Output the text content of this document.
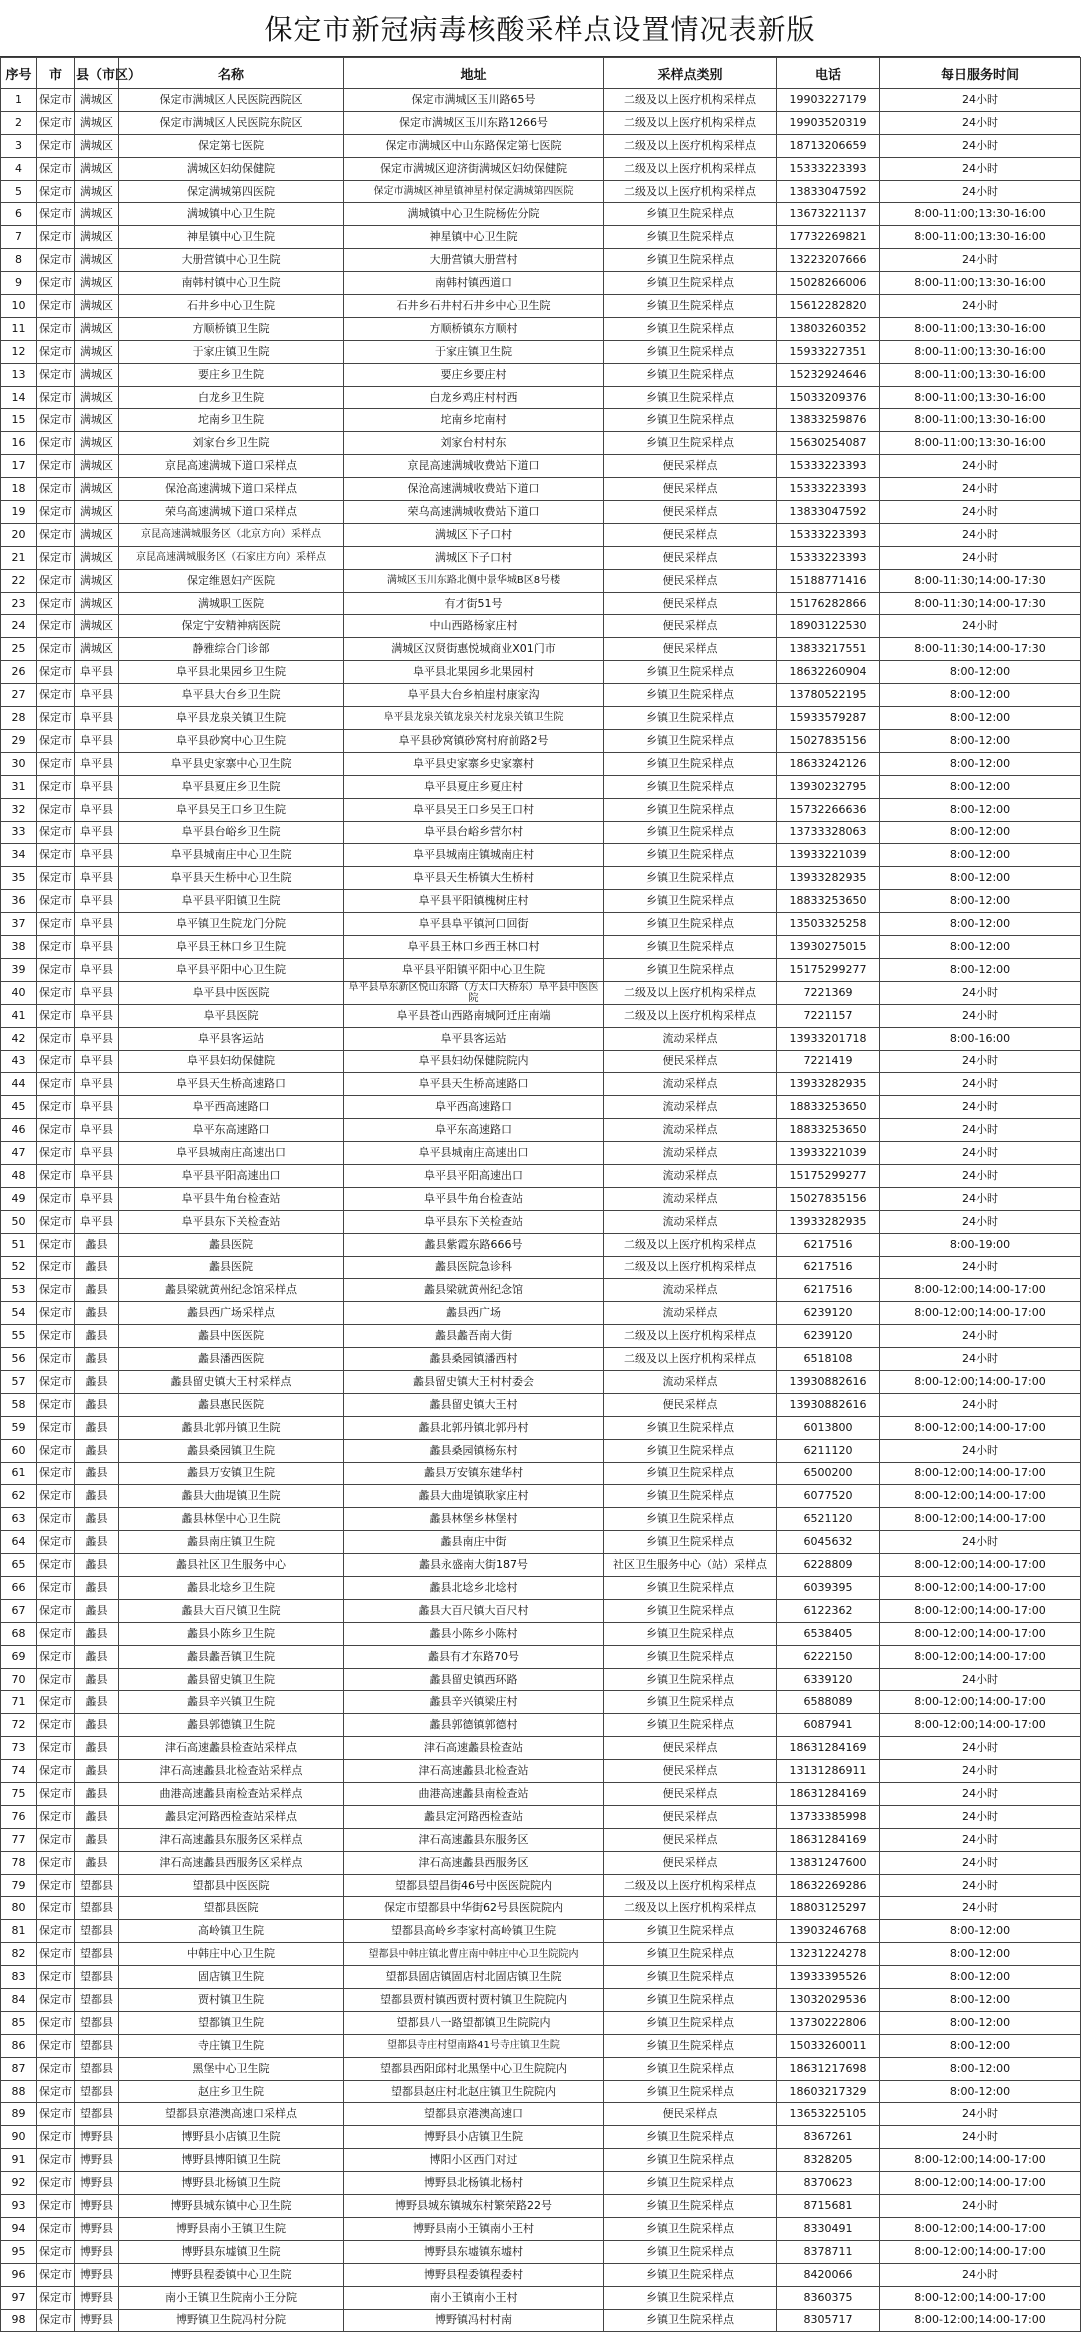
保定市新冠病毒核酸采样点设置情况表新版
序号	市	县（市区）	名称	地址	采样点类别	电话	每日服务时间
1	保定市	满城区	保定市满城区人民医院西院区	保定市满城区玉川路65号	二级及以上医疗机构采样点	19903227179	24小时
2	保定市	满城区	保定市满城区人民医院东院区	保定市满城区玉川东路1266号	二级及以上医疗机构采样点	19903520319	24小时
3	保定市	满城区	保定第七医院	保定市满城区中山东路保定第七医院	二级及以上医疗机构采样点	18713206659	24小时
4	保定市	满城区	满城区妇幼保健院	保定市满城区迎济街满城区妇幼保健院	二级及以上医疗机构采样点	15333223393	24小时
5	保定市	满城区	保定满城第四医院	保定市满城区神星镇神星村保定满城第四医院	二级及以上医疗机构采样点	13833047592	24小时
6	保定市	满城区	满城镇中心卫生院	满城镇中心卫生院杨佐分院	乡镇卫生院采样点	13673221137	8:00-11:00;13:30-16:00
7	保定市	满城区	神星镇中心卫生院	神星镇中心卫生院	乡镇卫生院采样点	17732269821	8:00-11:00;13:30-16:00
8	保定市	满城区	大册营镇中心卫生院	大册营镇大册营村	乡镇卫生院采样点	13223207666	24小时
9	保定市	满城区	南韩村镇中心卫生院	南韩村镇西道口	乡镇卫生院采样点	15028266006	8:00-11:00;13:30-16:00
10	保定市	满城区	石井乡中心卫生院	石井乡石井村石井乡中心卫生院	乡镇卫生院采样点	15612282820	24小时
11	保定市	满城区	方顺桥镇卫生院	方顺桥镇东方顺村	乡镇卫生院采样点	13803260352	8:00-11:00;13:30-16:00
12	保定市	满城区	于家庄镇卫生院	于家庄镇卫生院	乡镇卫生院采样点	15933227351	8:00-11:00;13:30-16:00
13	保定市	满城区	要庄乡卫生院	要庄乡要庄村	乡镇卫生院采样点	15232924646	8:00-11:00;13:30-16:00
14	保定市	满城区	白龙乡卫生院	白龙乡鸡庄村村西	乡镇卫生院采样点	15033209376	8:00-11:00;13:30-16:00
15	保定市	满城区	坨南乡卫生院	坨南乡坨南村	乡镇卫生院采样点	13833259876	8:00-11:00;13:30-16:00
16	保定市	满城区	刘家台乡卫生院	刘家台村村东	乡镇卫生院采样点	15630254087	8:00-11:00;13:30-16:00
17	保定市	满城区	京昆高速满城下道口采样点	京昆高速满城收费站下道口	便民采样点	15333223393	24小时
18	保定市	满城区	保沧高速满城下道口采样点	保沧高速满城收费站下道口	便民采样点	15333223393	24小时
19	保定市	满城区	荣乌高速满城下道口采样点	荣乌高速满城收费站下道口	便民采样点	13833047592	24小时
20	保定市	满城区	京昆高速满城服务区（北京方向）采样点	满城区下子口村	便民采样点	15333223393	24小时
21	保定市	满城区	京昆高速满城服务区（石家庄方向）采样点	满城区下子口村	便民采样点	15333223393	24小时
22	保定市	满城区	保定维恩妇产医院	满城区玉川东路北侧中景华城B区8号楼	便民采样点	15188771416	8:00-11:30;14:00-17:30
23	保定市	满城区	满城职工医院	有才街51号	便民采样点	15176282866	8:00-11:30;14:00-17:30
24	保定市	满城区	保定宁安精神病医院	中山西路杨家庄村	便民采样点	18903122530	24小时
25	保定市	满城区	静雅综合门诊部	满城区汉贤街惠悦城商业X01门市	便民采样点	13833217551	8:00-11:30;14:00-17:30
26	保定市	阜平县	阜平县北果园乡卫生院	阜平县北果园乡北果园村	乡镇卫生院采样点	18632260904	8:00-12:00
27	保定市	阜平县	阜平县大台乡卫生院	阜平县大台乡柏崖村康家沟	乡镇卫生院采样点	13780522195	8:00-12:00
28	保定市	阜平县	阜平县龙泉关镇卫生院	阜平县龙泉关镇龙泉关村龙泉关镇卫生院	乡镇卫生院采样点	15933579287	8:00-12:00
29	保定市	阜平县	阜平县砂窝中心卫生院	阜平县砂窝镇砂窝村府前路2号	乡镇卫生院采样点	15027835156	8:00-12:00
30	保定市	阜平县	阜平县史家寨中心卫生院	阜平县史家寨乡史家寨村	乡镇卫生院采样点	18633242126	8:00-12:00
31	保定市	阜平县	阜平县夏庄乡卫生院	阜平县夏庄乡夏庄村	乡镇卫生院采样点	13930232795	8:00-12:00
32	保定市	阜平县	阜平县吴王口乡卫生院	阜平县吴王口乡吴王口村	乡镇卫生院采样点	15732266636	8:00-12:00
33	保定市	阜平县	阜平县台峪乡卫生院	阜平县台峪乡营尔村	乡镇卫生院采样点	13733328063	8:00-12:00
34	保定市	阜平县	阜平县城南庄中心卫生院	阜平县城南庄镇城南庄村	乡镇卫生院采样点	13933221039	8:00-12:00
35	保定市	阜平县	阜平县天生桥中心卫生院	阜平县天生桥镇大生桥村	乡镇卫生院采样点	13933282935	8:00-12:00
36	保定市	阜平县	阜平县平阳镇卫生院	阜平县平阳镇槐树庄村	乡镇卫生院采样点	18833253650	8:00-12:00
37	保定市	阜平县	阜平镇卫生院龙门分院	阜平县阜平镇河口回街	乡镇卫生院采样点	13503325258	8:00-12:00
38	保定市	阜平县	阜平县王林口乡卫生院	阜平县王林口乡西王林口村	乡镇卫生院采样点	13930275015	8:00-12:00
39	保定市	阜平县	阜平县平阳中心卫生院	阜平县平阳镇平阳中心卫生院	乡镇卫生院采样点	15175299277	8:00-12:00
40	保定市	阜平县	阜平县中医医院	阜平县阜东新区悦山东路（方太口大桥东）阜平县中医医院	二级及以上医疗机构采样点	7221369	24小时
41	保定市	阜平县	阜平县医院	阜平县苍山西路南城阿迁庄南端	二级及以上医疗机构采样点	7221157	24小时
42	保定市	阜平县	阜平县客运站	阜平县客运站	流动采样点	13933201718	8:00-16:00
43	保定市	阜平县	阜平县妇幼保健院	阜平县妇幼保健院院内	便民采样点	7221419	24小时
44	保定市	阜平县	阜平县天生桥高速路口	阜平县天生桥高速路口	流动采样点	13933282935	24小时
45	保定市	阜平县	阜平西高速路口	阜平西高速路口	流动采样点	18833253650	24小时
46	保定市	阜平县	阜平东高速路口	阜平东高速路口	流动采样点	18833253650	24小时
47	保定市	阜平县	阜平县城南庄高速出口	阜平县城南庄高速出口	流动采样点	13933221039	24小时
48	保定市	阜平县	阜平县平阳高速出口	阜平县平阳高速出口	流动采样点	15175299277	24小时
49	保定市	阜平县	阜平县牛角台检查站	阜平县牛角台检查站	流动采样点	15027835156	24小时
50	保定市	阜平县	阜平县东下关检查站	阜平县东下关检查站	流动采样点	13933282935	24小时
51	保定市	蠡县	蠡县医院	蠡县紫霞东路666号	二级及以上医疗机构采样点	6217516	8:00-19:00
52	保定市	蠡县	蠡县医院	蠡县医院急诊科	二级及以上医疗机构采样点	6217516	24小时
53	保定市	蠡县	蠡县梁就黄州纪念馆采样点	蠡县梁就黄州纪念馆	流动采样点	6217516	8:00-12:00;14:00-17:00
54	保定市	蠡县	蠡县西广场采样点	蠡县西广场	流动采样点	6239120	8:00-12:00;14:00-17:00
55	保定市	蠡县	蠡县中医医院	蠡县蠡吾南大街	二级及以上医疗机构采样点	6239120	24小时
56	保定市	蠡县	蠡县潘西医院	蠡县桑园镇潘西村	二级及以上医疗机构采样点	6518108	24小时
57	保定市	蠡县	蠡县留史镇大王村采样点	蠡县留史镇大王村村委会	流动采样点	13930882616	8:00-12:00;14:00-17:00
58	保定市	蠡县	蠡县惠民医院	蠡县留史镇大王村	便民采样点	13930882616	24小时
59	保定市	蠡县	蠡县北郭丹镇卫生院	蠡县北郭丹镇北郭丹村	乡镇卫生院采样点	6013800	8:00-12:00;14:00-17:00
60	保定市	蠡县	蠡县桑园镇卫生院	蠡县桑园镇杨东村	乡镇卫生院采样点	6211120	24小时
61	保定市	蠡县	蠡县万安镇卫生院	蠡县万安镇东建华村	乡镇卫生院采样点	6500200	8:00-12:00;14:00-17:00
62	保定市	蠡县	蠡县大曲堤镇卫生院	蠡县大曲堤镇耿家庄村	乡镇卫生院采样点	6077520	8:00-12:00;14:00-17:00
63	保定市	蠡县	蠡县林堡中心卫生院	蠡县林堡乡林堡村	乡镇卫生院采样点	6521120	8:00-12:00;14:00-17:00
64	保定市	蠡县	蠡县南庄镇卫生院	蠡县南庄中街	乡镇卫生院采样点	6045632	24小时
65	保定市	蠡县	蠡县社区卫生服务中心	蠡县永盛南大街187号	社区卫生服务中心（站）采样点	6228809	8:00-12:00;14:00-17:00
66	保定市	蠡县	蠡县北埝乡卫生院	蠡县北埝乡北埝村	乡镇卫生院采样点	6039395	8:00-12:00;14:00-17:00
67	保定市	蠡县	蠡县大百尺镇卫生院	蠡县大百尺镇大百尺村	乡镇卫生院采样点	6122362	8:00-12:00;14:00-17:00
68	保定市	蠡县	蠡县小陈乡卫生院	蠡县小陈乡小陈村	乡镇卫生院采样点	6538405	8:00-12:00;14:00-17:00
69	保定市	蠡县	蠡县蠡吾镇卫生院	蠡县有才东路70号	乡镇卫生院采样点	6222150	8:00-12:00;14:00-17:00
70	保定市	蠡县	蠡县留史镇卫生院	蠡县留史镇西环路	乡镇卫生院采样点	6339120	24小时
71	保定市	蠡县	蠡县辛兴镇卫生院	蠡县辛兴镇梁庄村	乡镇卫生院采样点	6588089	8:00-12:00;14:00-17:00
72	保定市	蠡县	蠡县郭德镇卫生院	蠡县郭德镇郭德村	乡镇卫生院采样点	6087941	8:00-12:00;14:00-17:00
73	保定市	蠡县	津石高速蠡县检查站采样点	津石高速蠡县检查站	便民采样点	18631284169	24小时
74	保定市	蠡县	津石高速蠡县北检查站采样点	津石高速蠡县北检查站	便民采样点	13131286911	24小时
75	保定市	蠡县	曲港高速蠡县南检查站采样点	曲港高速蠡县南检查站	便民采样点	18631284169	24小时
76	保定市	蠡县	蠡县定河路西检查站采样点	蠡县定河路西检查站	便民采样点	13733385998	24小时
77	保定市	蠡县	津石高速蠡县东服务区采样点	津石高速蠡县东服务区	便民采样点	18631284169	24小时
78	保定市	蠡县	津石高速蠡县西服务区采样点	津石高速蠡县西服务区	便民采样点	13831247600	24小时
79	保定市	望都县	望都县中医医院	望都县望昌街46号中医医院院内	二级及以上医疗机构采样点	18632269286	24小时
80	保定市	望都县	望都县医院	保定市望都县中华街62号县医院院内	二级及以上医疗机构采样点	18803125297	24小时
81	保定市	望都县	高岭镇卫生院	望都县高岭乡李家村高岭镇卫生院	乡镇卫生院采样点	13903246768	8:00-12:00
82	保定市	望都县	中韩庄中心卫生院	望都县中韩庄镇北曹庄南中韩庄中心卫生院院内	乡镇卫生院采样点	13231224278	8:00-12:00
83	保定市	望都县	固店镇卫生院	望都县固店镇固店村北固店镇卫生院	乡镇卫生院采样点	13933395526	8:00-12:00
84	保定市	望都县	贾村镇卫生院	望都县贾村镇西贾村贾村镇卫生院院内	乡镇卫生院采样点	13032029536	8:00-12:00
85	保定市	望都县	望都镇卫生院	望都县八一路望都镇卫生院院内	乡镇卫生院采样点	13730222806	8:00-12:00
86	保定市	望都县	寺庄镇卫生院	望都县寺庄村望南路41号寺庄镇卫生院	乡镇卫生院采样点	15033260011	8:00-12:00
87	保定市	望都县	黑堡中心卫生院	望都县西阳邱村北黑堡中心卫生院院内	乡镇卫生院采样点	18631217698	8:00-12:00
88	保定市	望都县	赵庄乡卫生院	望都县赵庄村北赵庄镇卫生院院内	乡镇卫生院采样点	18603217329	8:00-12:00
89	保定市	望都县	望都县京港澳高速口采样点	望都县京港澳高速口	便民采样点	13653225105	24小时
90	保定市	博野县	博野县小店镇卫生院	博野县小店镇卫生院	乡镇卫生院采样点	8367261	24小时
91	保定市	博野县	博野县博阳镇卫生院	博阳小区西门对过	乡镇卫生院采样点	8328205	8:00-12:00;14:00-17:00
92	保定市	博野县	博野县北杨镇卫生院	博野县北杨镇北杨村	乡镇卫生院采样点	8370623	8:00-12:00;14:00-17:00
93	保定市	博野县	博野县城东镇中心卫生院	博野县城东镇城东村繁荣路22号	乡镇卫生院采样点	8715681	24小时
94	保定市	博野县	博野县南小王镇卫生院	博野县南小王镇南小王村	乡镇卫生院采样点	8330491	8:00-12:00;14:00-17:00
95	保定市	博野县	博野县东墟镇卫生院	博野县东墟镇东墟村	乡镇卫生院采样点	8378711	8:00-12:00;14:00-17:00
96	保定市	博野县	博野县程委镇中心卫生院	博野县程委镇程委村	乡镇卫生院采样点	8420066	24小时
97	保定市	博野县	南小王镇卫生院南小王分院	南小王镇南小王村	乡镇卫生院采样点	8360375	8:00-12:00;14:00-17:00
98	保定市	博野县	博野镇卫生院冯村分院	博野镇冯村村南	乡镇卫生院采样点	8305717	8:00-12:00;14:00-17:00
